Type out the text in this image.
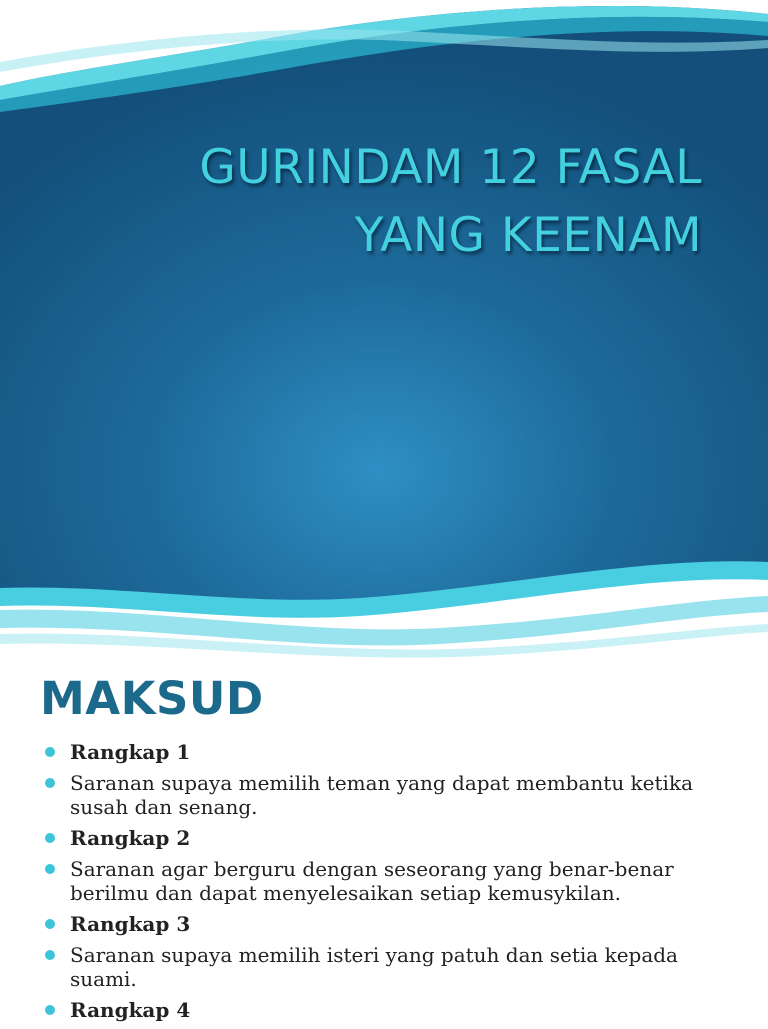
GURINDAM 12 FASAL
YANG KEENAM
MAKSUD
Rangkap 1
Saranan supaya memilih teman yang dapat membantu ketika susah dan senang.
Rangkap 2
Saranan agar berguru dengan seseorang yang benar-benar berilmu dan dapat menyelesaikan setiap kemusykilan.
Rangkap 3
Saranan supaya memilih isteri yang patuh dan setia kepada suami.
Rangkap 4
